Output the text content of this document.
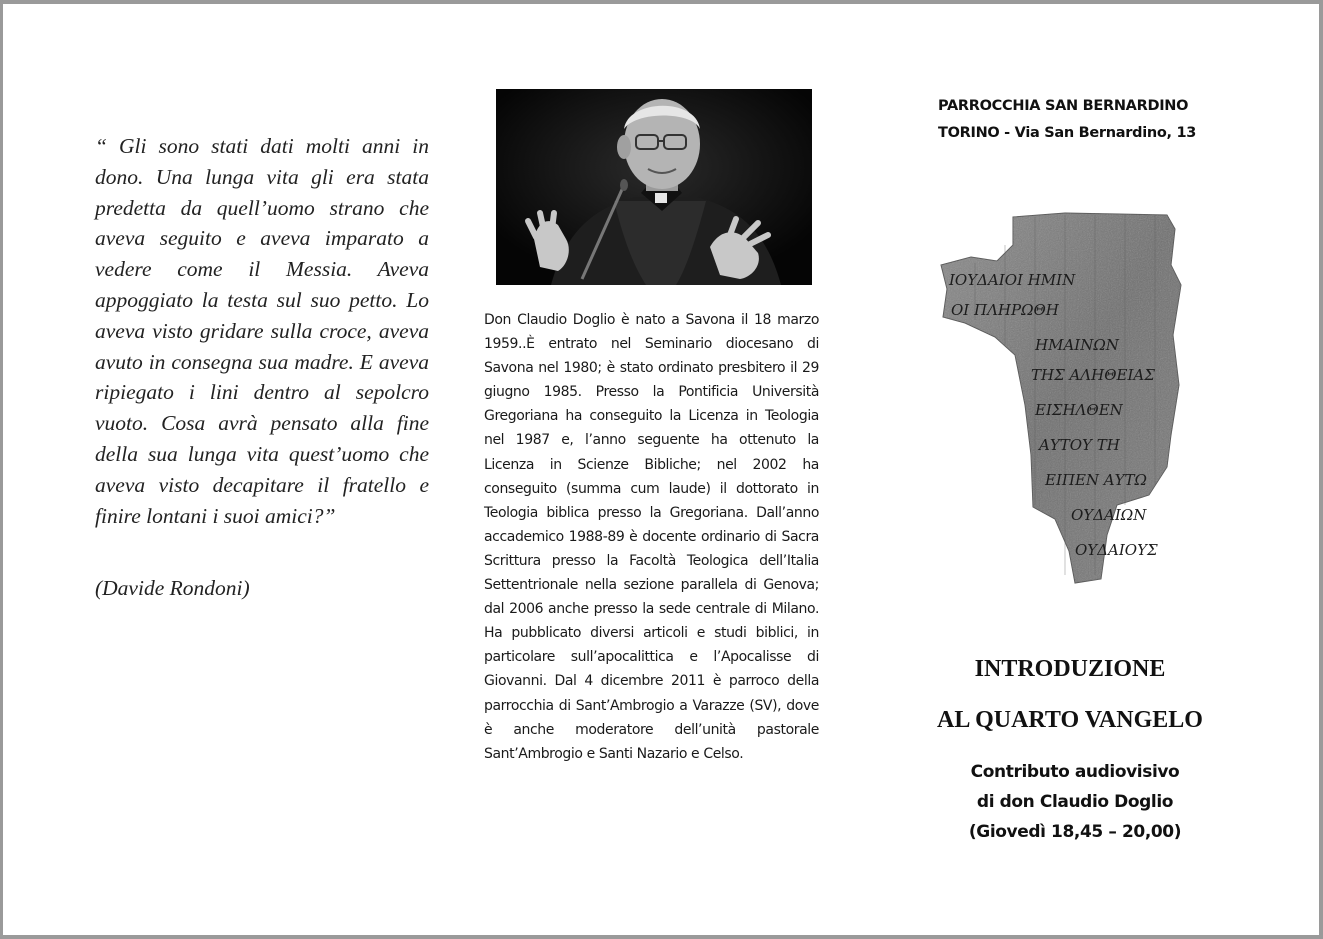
“ Gli sono stati dati molti anni in dono. Una lunga vita gli era stata predetta da quell’uomo strano che aveva seguito e aveva imparato a vedere come il Messia. Aveva appoggiato la testa sul suo petto. Lo aveva visto gridare sulla croce, aveva avuto in consegna sua madre. E aveva ripiegato i lini dentro al sepolcro vuoto. Cosa avrà pensato alla fine della sua lunga vita quest’uomo che aveva visto decapitare il fratello e finire lontani i suoi amici?”
(Davide Rondoni)
Don Claudio Doglio è nato a Savona il 18 marzo 1959..È entrato nel Seminario diocesano di Savona nel 1980; è stato ordinato presbitero il 29 giugno 1985. Presso la Pontificia Università Gregoriana ha conseguito la Licenza in Teologia nel 1987 e, l’anno seguente ha ottenuto la Licenza in Scienze Bibliche; nel 2002 ha conseguito (summa cum laude) il dottorato in Teologia biblica presso la Gregoriana. Dall’anno accademico 1988-89 è docente ordinario di Sacra Scrittura presso la Facoltà Teologica dell’Italia Settentrionale nella sezione parallela di Genova; dal 2006 anche presso la sede centrale di Milano. Ha pubblicato diversi articoli e studi biblici, in particolare sull’apocalittica e l’Apocalisse di Giovanni. Dal 4 dicembre 2011 è parroco della parrocchia di Sant’Ambrogio a Varazze (SV), dove è anche moderatore dell’unità pastorale Sant’Ambrogio e Santi Nazario e Celso.
PARROCCHIA SAN BERNARDINO
TORINO - Via San Bernardino, 13
ΙΟΥΔΑΙΟΙ ΗΜΙΝ
ΟΙ ΠΛΗΡΩΘΗ
ΗΜΑΙΝΩΝ
ΤΗΣ ΑΛΗΘΕΙΑΣ
ΕΙΣΗΛΘΕΝ
ΑΥΤΟΥ ΤΗ
ΕΙΠΕΝ ΑΥΤΩ
ΟΥΔΑΙΩΝ
ΟΥΔΑΙΟΥΣ
INTRODUZIONE
AL QUARTO VANGELO
Contributo audiovisivo
di don Claudio Doglio
(Giovedì 18,45 – 20,00)
